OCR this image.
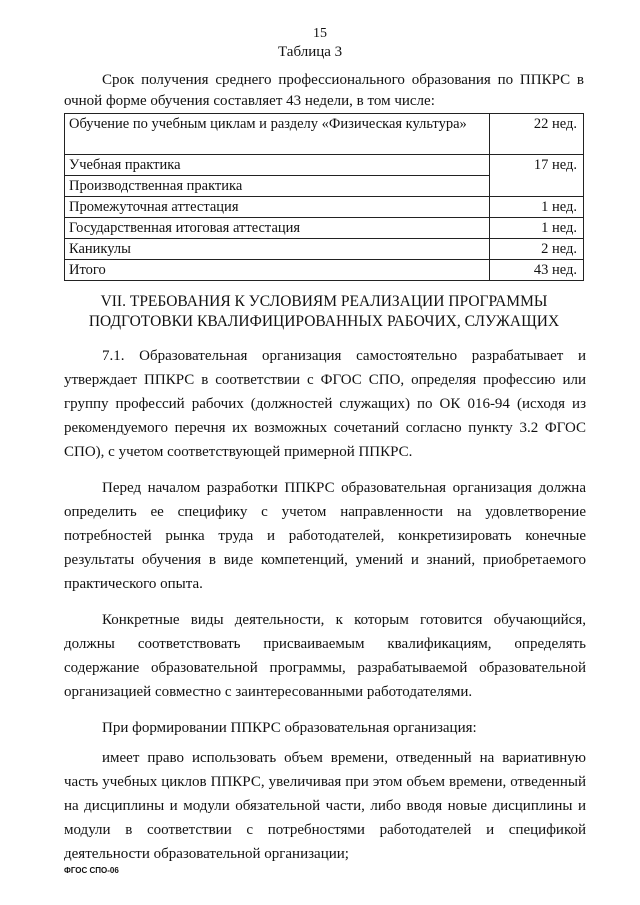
15
Таблица 3
Срок получения среднего профессионального образования по ППКРС в очной форме обучения составляет 43 недели, в том числе:
Обучение по учебным циклам и разделу «Физическая культура»	22 нед.
Учебная практика	17 нед.
Производственная практика	
Промежуточная аттестация	1 нед.
Государственная итоговая аттестация	1 нед.
Каникулы	2 нед.
Итого	43 нед.
VII. ТРЕБОВАНИЯ К УСЛОВИЯМ РЕАЛИЗАЦИИ ПРОГРАММЫ
ПОДГОТОВКИ КВАЛИФИЦИРОВАННЫХ РАБОЧИХ, СЛУЖАЩИХ

7.1. Образовательная организация самостоятельно разрабатывает и утверждает ППКРС в соответствии с ФГОС СПО, определяя профессию или группу профессий рабочих (должностей служащих) по ОК 016-94 (исходя из рекомендуемого перечня их возможных сочетаний согласно пункту 3.2 ФГОС СПО), с учетом соответствующей примерной ППКРС.

Перед началом разработки ППКРС образовательная организация должна определить ее специфику с учетом направленности на удовлетворение потребностей рынка труда и работодателей, конкретизировать конечные результаты обучения в виде компетенций, умений и знаний, приобретаемого практического опыта.

Конкретные виды деятельности, к которым готовится обучающийся, должны соответствовать присваиваемым квалификациям, определять содержание образовательной программы, разрабатываемой образовательной организацией совместно с заинтересованными работодателями.

При формировании ППКРС образовательная организация:

имеет право использовать объем времени, отведенный на вариативную часть учебных циклов ППКРС, увеличивая при этом объем времени, отведенный на дисциплины и модули обязательной части, либо вводя новые дисциплины и модули в соответствии с потребностями работодателей и спецификой деятельности образовательной организации;

ФГОС СПО-06
